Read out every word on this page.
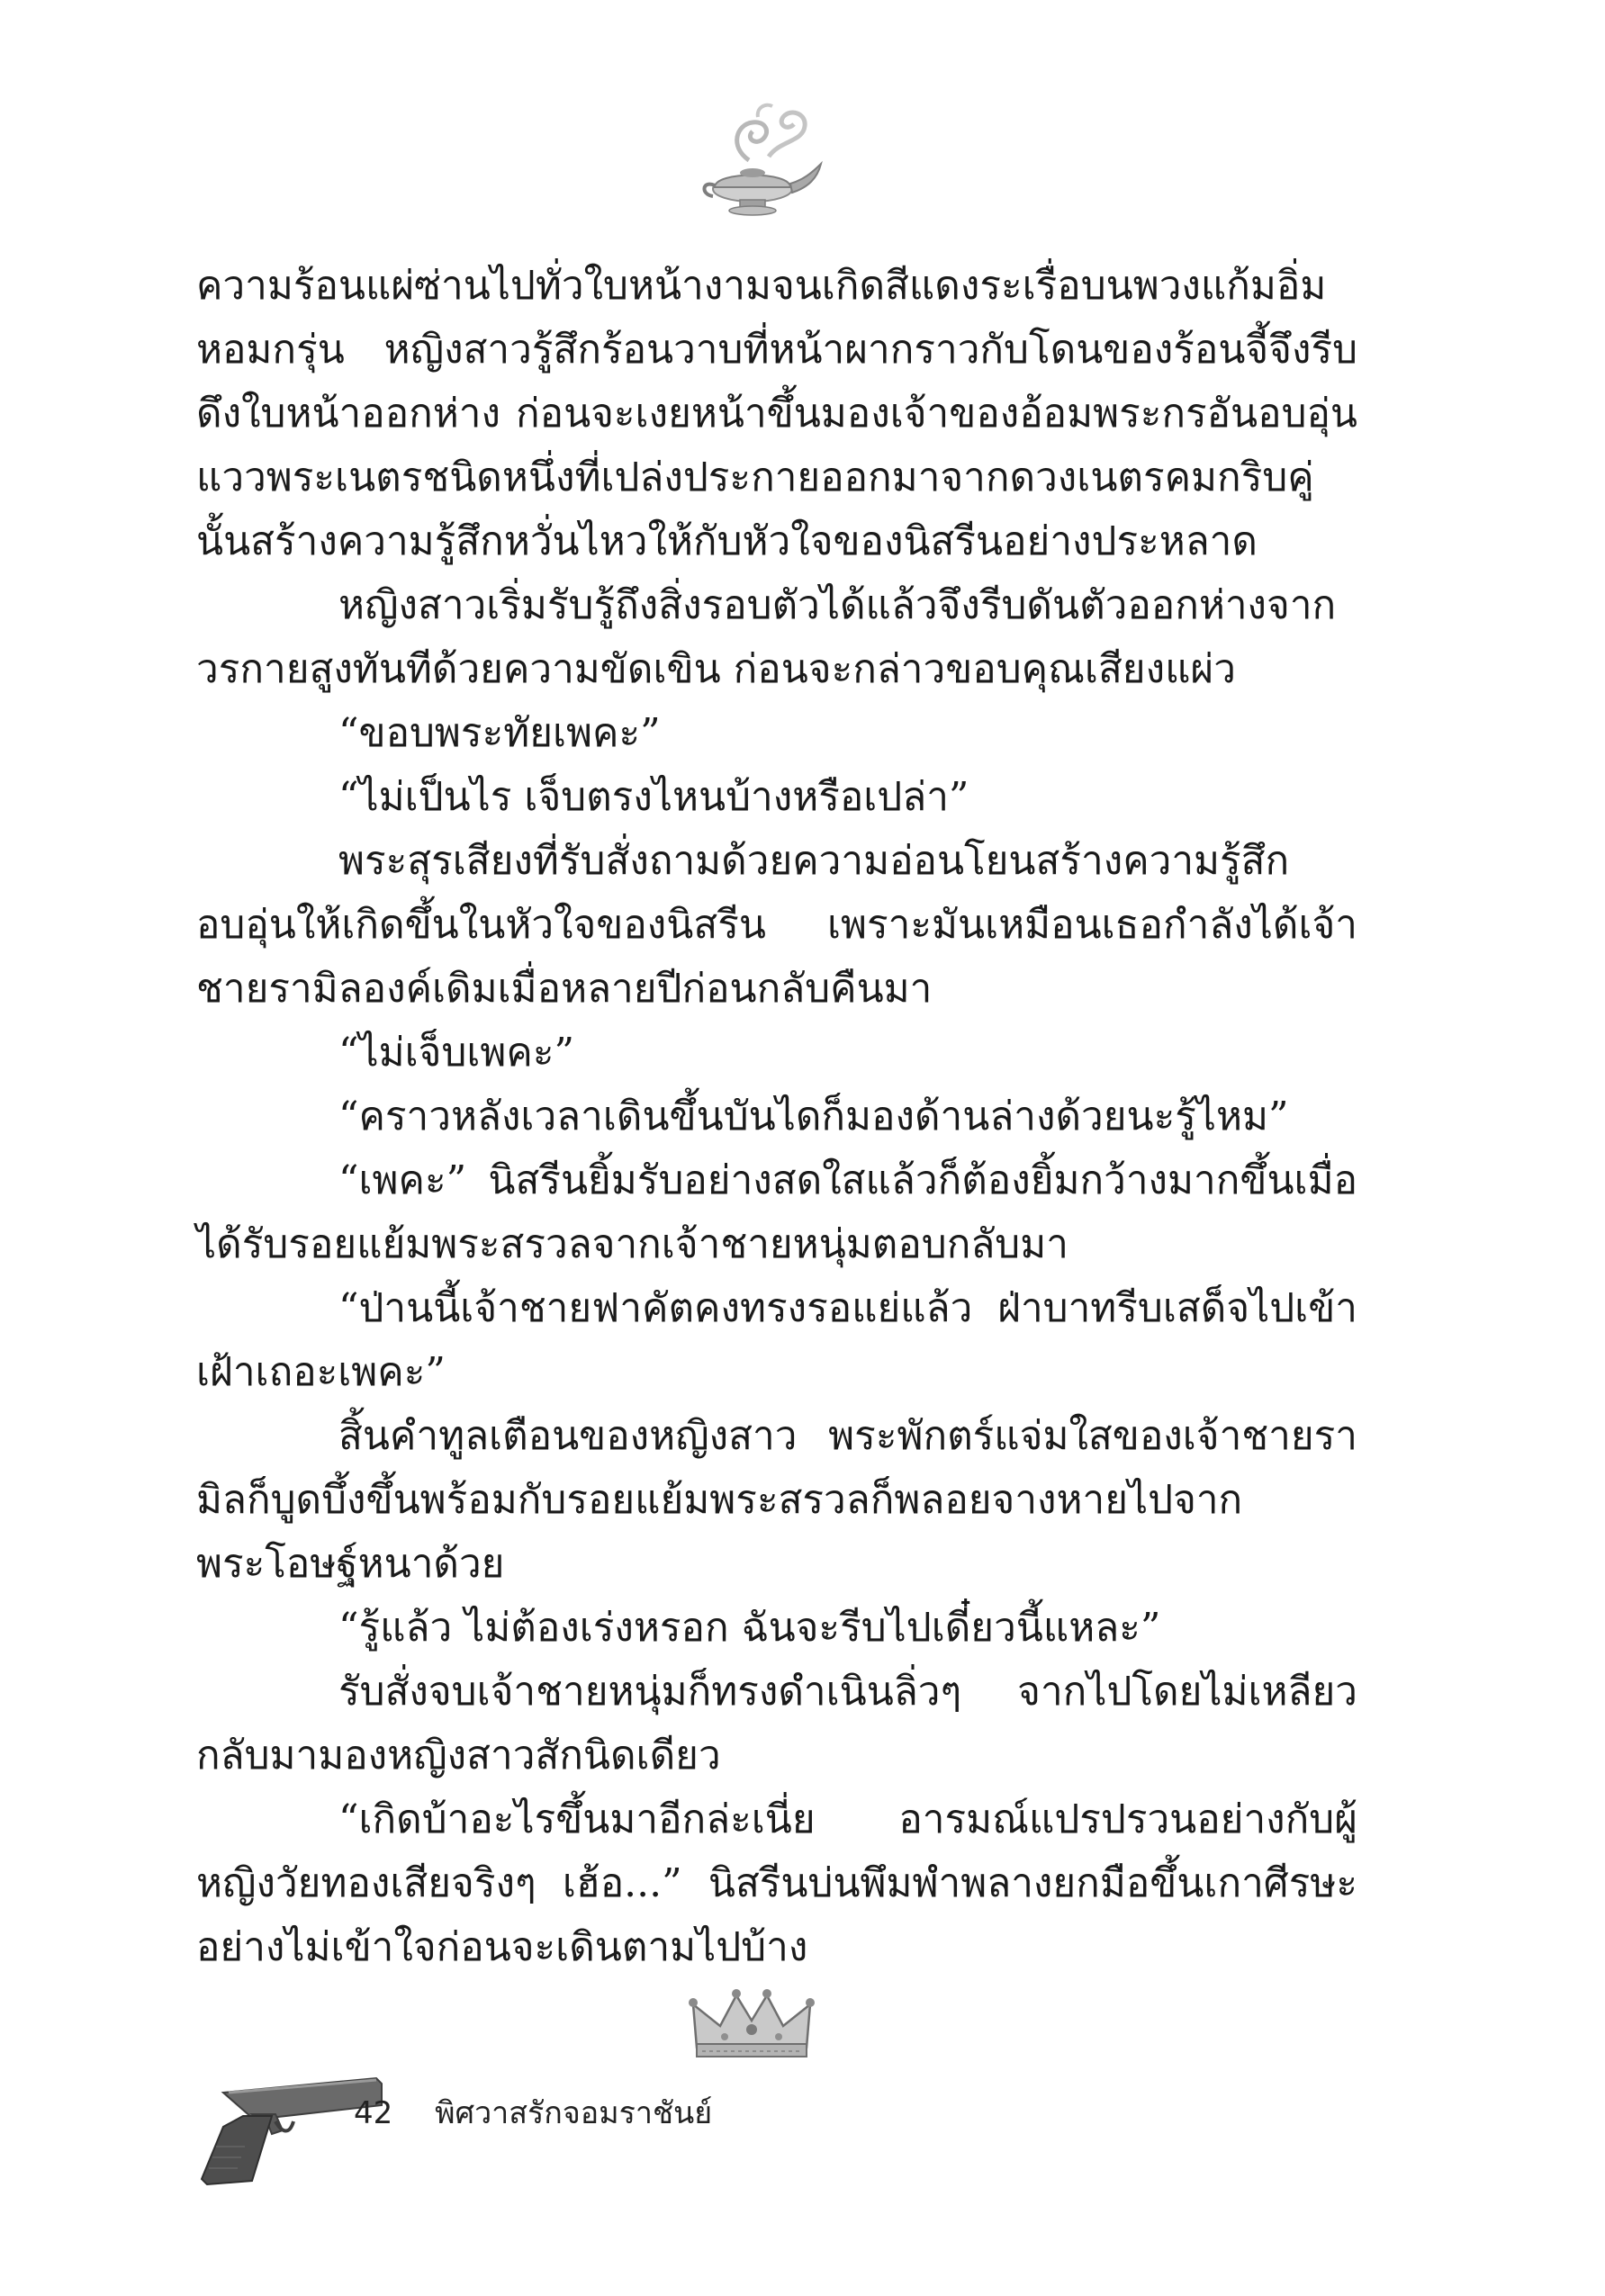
ความร้อนแผ่ซ่านไปทั่วใบหน้างามจนเกิดสีแดงระเรื่อบนพวงแก้มอิ่มหอมกรุ่น หญิงสาวรู้สึกร้อนวาบที่หน้าผากราวกับโดนของร้อนจี้จึงรีบดึงใบหน้าออกห่าง ก่อนจะเงยหน้าขึ้นมองเจ้าของอ้อมพระกรอันอบอุ่น แววพระเนตรชนิดหนึ่งที่เปล่งประกายออกมาจากดวงเนตรคมกริบคู่นั้นสร้างความรู้สึกหวั่นไหวให้กับหัวใจของนิสรีนอย่างประหลาด

หญิงสาวเริ่มรับรู้ถึงสิ่งรอบตัวได้แล้วจึงรีบดันตัวออกห่างจากวรกายสูงทันทีด้วยความขัดเขิน ก่อนจะกล่าวขอบคุณเสียงแผ่ว

“ขอบพระทัยเพคะ”

“ไม่เป็นไร เจ็บตรงไหนบ้างหรือเปล่า”

พระสุรเสียงที่รับสั่งถามด้วยความอ่อนโยนสร้างความรู้สึกอบอุ่นให้เกิดขึ้นในหัวใจของนิสรีน เพราะมันเหมือนเธอกำลังได้เจ้าชายรามิลองค์เดิมเมื่อหลายปีก่อนกลับคืนมา

“ไม่เจ็บเพคะ”

“คราวหลังเวลาเดินขึ้นบันไดก็มองด้านล่างด้วยนะรู้ไหม”

“เพคะ” นิสรีนยิ้มรับอย่างสดใสแล้วก็ต้องยิ้มกว้างมากขึ้นเมื่อได้รับรอยแย้มพระสรวลจากเจ้าชายหนุ่มตอบกลับมา

“ป่านนี้เจ้าชายฟาคัตคงทรงรอแย่แล้ว ฝ่าบาทรีบเสด็จไปเข้าเฝ้าเถอะเพคะ”

สิ้นคำทูลเตือนของหญิงสาว พระพักตร์แจ่มใสของเจ้าชายรามิลก็บูดบึ้งขึ้นพร้อมกับรอยแย้มพระสรวลก็พลอยจางหายไปจากพระโอษฐ์หนาด้วย

“รู้แล้ว ไม่ต้องเร่งหรอก ฉันจะรีบไปเดี๋ยวนี้แหละ”

รับสั่งจบเจ้าชายหนุ่มก็ทรงดำเนินลิ่วๆ จากไปโดยไม่เหลียวกลับมามองหญิงสาวสักนิดเดียว

“เกิดบ้าอะไรขึ้นมาอีกล่ะเนี่ย อารมณ์แปรปรวนอย่างกับผู้หญิงวัยทองเสียจริงๆ เฮ้อ...” นิสรีนบ่นพึมพำพลางยกมือขึ้นเกาศีรษะอย่างไม่เข้าใจก่อนจะเดินตามไปบ้าง

42 พิศวาสรักจอมราชันย์
